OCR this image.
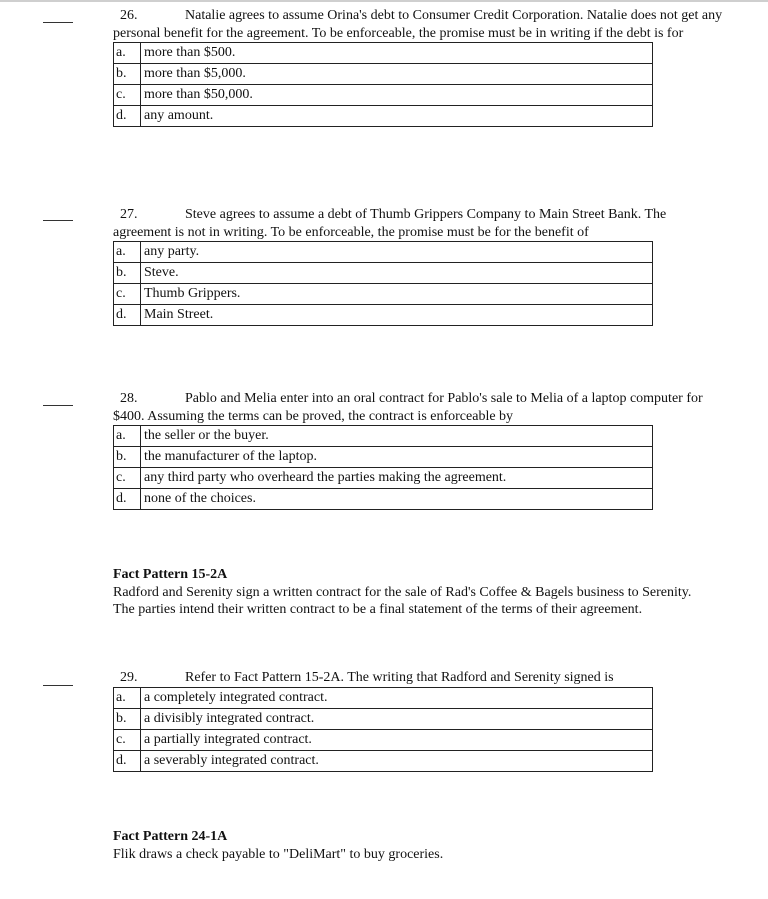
26.	Natalie agrees to assume Orina's debt to Consumer Credit Corporation. Natalie does not get any personal benefit for the agreement. To be enforceable, the promise must be in writing if the debt is for
a.	more than $500.
b.	more than $5,000.
c.	more than $50,000.
d.	any amount.
27.	Steve agrees to assume a debt of Thumb Grippers Company to Main Street Bank. The agreement is not in writing. To be enforceable, the promise must be for the benefit of
a.	any party.
b.	Steve.
c.	Thumb Grippers.
d.	Main Street.
28.	Pablo and Melia enter into an oral contract for Pablo's sale to Melia of a laptop computer for $400. Assuming the terms can be proved, the contract is enforceable by
a.	the seller or the buyer.
b.	the manufacturer of the laptop.
c.	any third party who overheard the parties making the agreement.
d.	none of the choices.
Fact Pattern 15-2A
Radford and Serenity sign a written contract for the sale of Rad's Coffee & Bagels business to Serenity. The parties intend their written contract to be a final statement of the terms of their agreement.
29.	Refer to Fact Pattern 15-2A. The writing that Radford and Serenity signed is
a.	a completely integrated contract.
b.	a divisibly integrated contract.
c.	a partially integrated contract.
d.	a severably integrated contract.
Fact Pattern 24-1A
Flik draws a check payable to "DeliMart" to buy groceries.
